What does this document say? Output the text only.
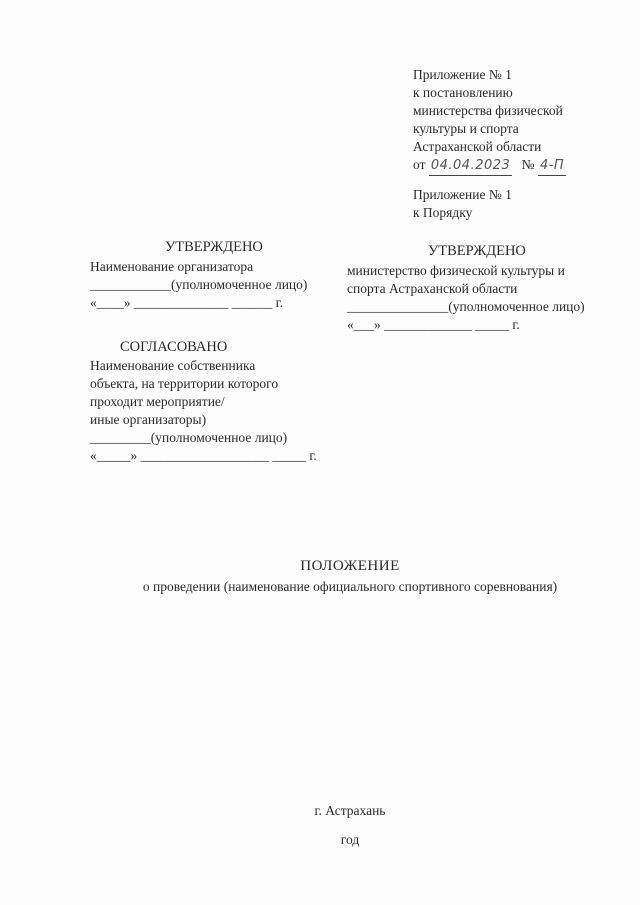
Приложение № 1
к постановлению
министерства физической
культуры и спорта
Астраханской области
от 04.04.2023 № 4-П
Приложение № 1
к Порядку
УТВЕРЖДЕНО
Наименование организатора
____________(уполномоченное лицо)
«____» ______________ ______ г.
УТВЕРЖДЕНО
министерство физической культуры и
спорта Астраханской области
_______________(уполномоченное лицо)
«___» _____________ _____ г.
СОГЛАСОВАНО
Наименование собственника
объекта, на территории которого
проходит мероприятие/
иные организаторы)
_________(уполномоченное лицо)
«_____» ___________________ _____ г.
ПОЛОЖЕНИЕ
о проведении (наименование официального спортивного соревнования)
г. Астрахань
год
